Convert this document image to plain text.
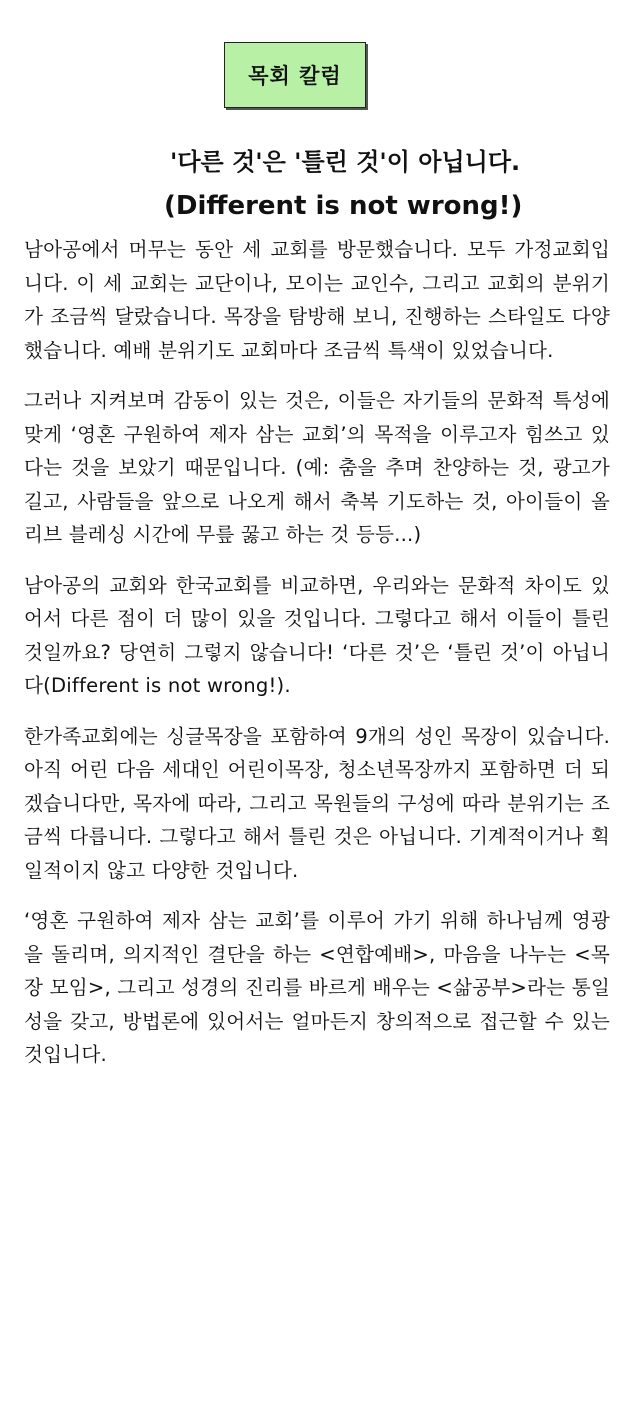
목회 칼럼
'다른 것'은 '틀린 것'이 아닙니다.
(Different is not wrong!)

남아공에서 머무는 동안 세 교회를 방문했습니다. 모두 가정교회입니다. 이 세 교회는 교단이나, 모이는 교인수, 그리고 교회의 분위기가 조금씩 달랐습니다. 목장을 탐방해 보니, 진행하는 스타일도 다양했습니다. 예배 분위기도 교회마다 조금씩 특색이 있었습니다.

그러나 지켜보며 감동이 있는 것은, 이들은 자기들의 문화적 특성에 맞게 ‘영혼 구원하여 제자 삼는 교회’의 목적을 이루고자 힘쓰고 있다는 것을 보았기 때문입니다. (예: 춤을 추며 찬양하는 것, 광고가 길고, 사람들을 앞으로 나오게 해서 축복 기도하는 것, 아이들이 올리브 블레싱 시간에 무릎 꿇고 하는 것 등등...)

남아공의 교회와 한국교회를 비교하면, 우리와는 문화적 차이도 있어서 다른 점이 더 많이 있을 것입니다. 그렇다고 해서 이들이 틀린 것일까요? 당연히 그렇지 않습니다! ‘다른 것’은 ‘틀린 것’이 아닙니다(Different is not wrong!).

한가족교회에는 싱글목장을 포함하여 9개의 성인 목장이 있습니다. 아직 어린 다음 세대인 어린이목장, 청소년목장까지 포함하면 더 되겠습니다만, 목자에 따라, 그리고 목원들의 구성에 따라 분위기는 조금씩 다릅니다. 그렇다고 해서 틀린 것은 아닙니다. 기계적이거나 획일적이지 않고 다양한 것입니다.

‘영혼 구원하여 제자 삼는 교회’를 이루어 가기 위해 하나님께 영광을 돌리며, 의지적인 결단을 하는 <연합예배>, 마음을 나누는 <목장 모임>, 그리고 성경의 진리를 바르게 배우는 <삶공부>라는 통일성을 갖고, 방법론에 있어서는 얼마든지 창의적으로 접근할 수 있는 것입니다.
